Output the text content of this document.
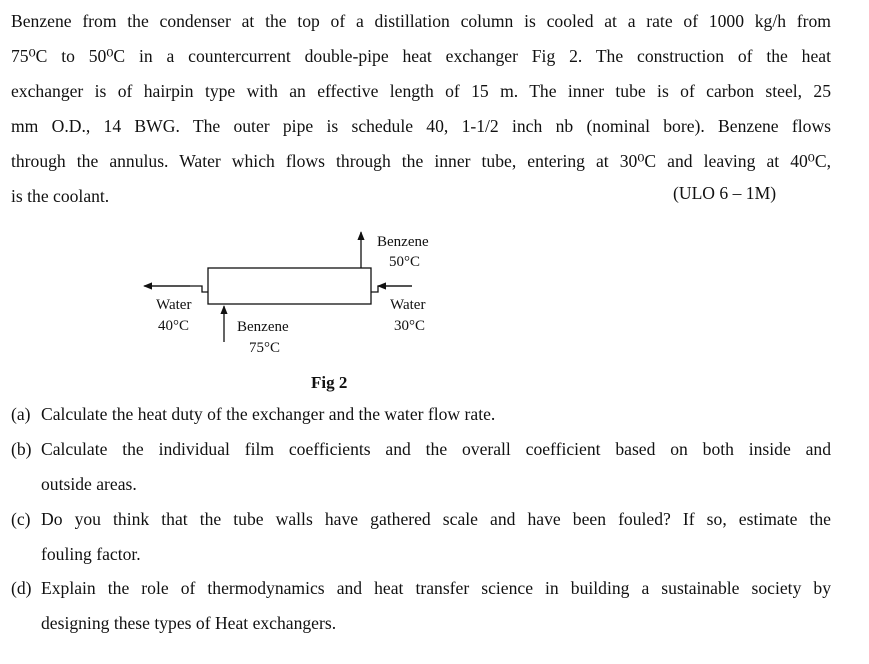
Benzene from the condenser at the top of a distillation column is cooled at a rate of 1000 kg/h from

75⁰C to 50⁰C in a countercurrent double-pipe heat exchanger Fig 2. The construction of the heat

exchanger is of hairpin type with an effective length of 15 m. The inner tube is of carbon steel, 25

mm O.D., 14 BWG. The outer pipe is schedule 40, 1-1/2 inch nb (nominal bore). Benzene flows

through the annulus. Water which flows through the inner tube, entering at 30⁰C and leaving at 40⁰C,

is the coolant.	(ULO 6 – 1M)
Benzene
50°C
Water
30°C
Water
40°C	Benzene
75°C
Fig 2
(a) Calculate the heat duty of the exchanger and the water flow rate.
(b) Calculate the individual film coefficients and the overall coefficient based on both inside and
outside areas.
(c) Do you think that the tube walls have gathered scale and have been fouled? If so, estimate the
fouling factor.
(d) Explain the role of thermodynamics and heat transfer science in building a sustainable society by
designing these types of Heat exchangers.
